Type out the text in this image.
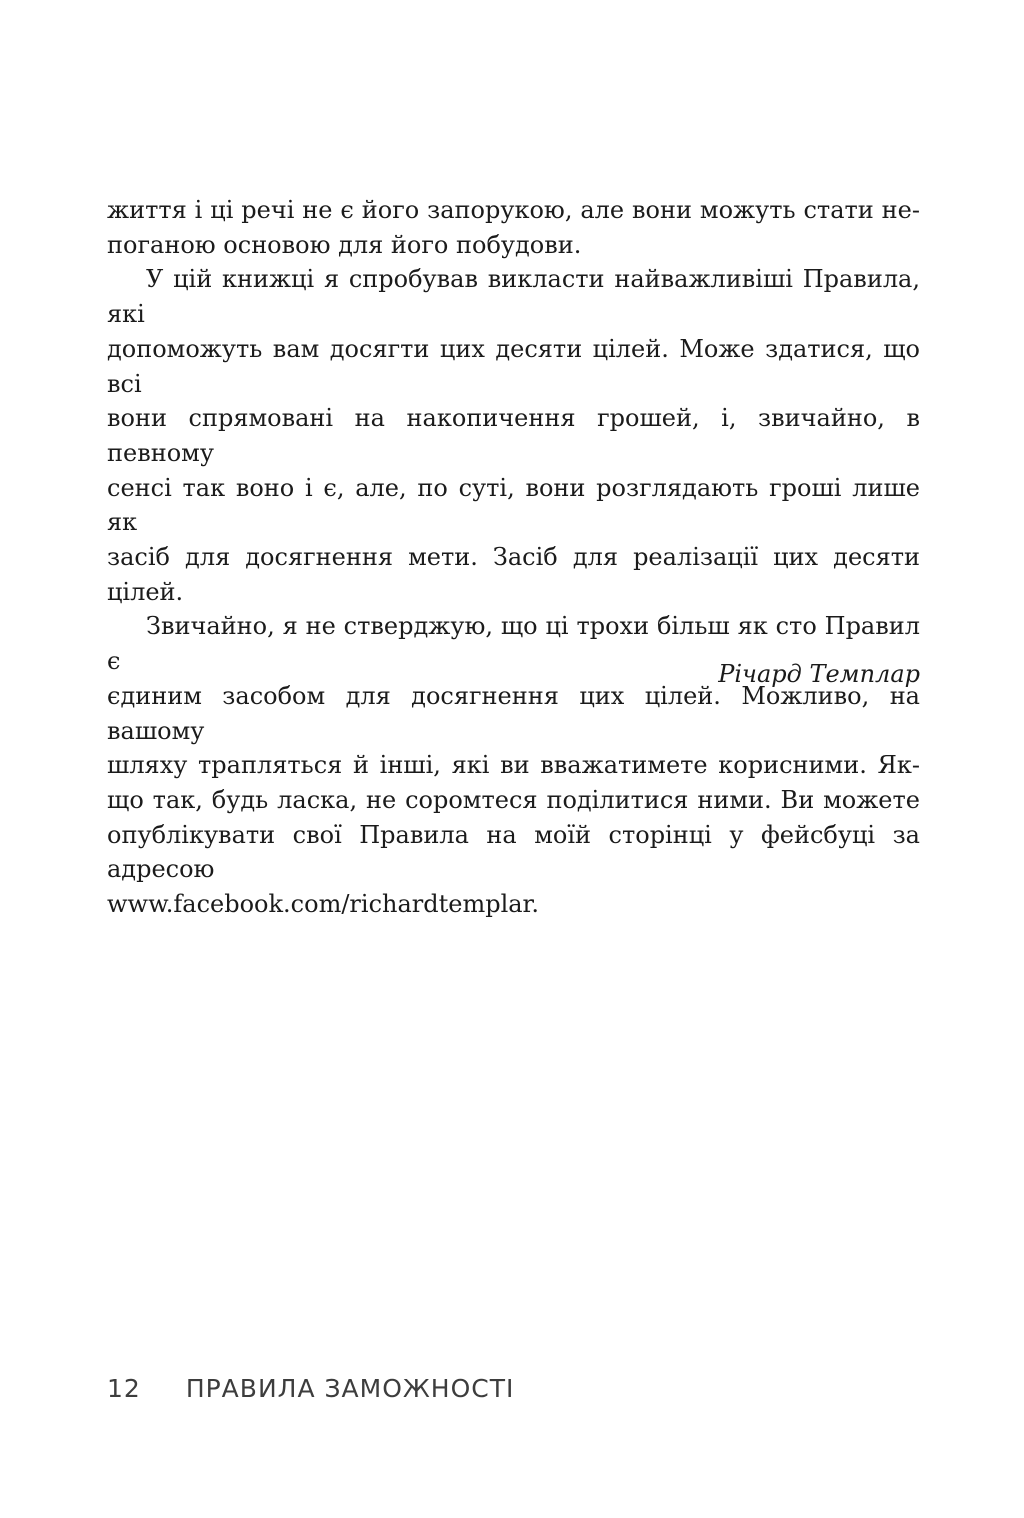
життя і ці речі не є його запорукою, але вони можуть стати не-
поганою основою для його побудови.

У цій книжці я спробував викласти найважливіші Правила, які
допоможуть вам досягти цих десяти цілей. Може здатися, що всі
вони спрямовані на накопичення грошей, і, звичайно, в певному
сенсі так воно і є, але, по суті, вони розглядають гроші лише як
засіб для досягнення мети. Засіб для реалізації цих десяти цілей.

Звичайно, я не стверджую, що ці трохи більш як сто Правил є
єдиним засобом для досягнення цих цілей. Можливо, на вашому
шляху трапляться й інші, які ви вважатимете корисними. Як-
що так, будь ласка, не соромтеся поділитися ними. Ви можете
опублікувати свої Правила на моїй сторінці у фейсбуці за адресою
www.facebook.com/richardtemplar.

Річард Темплар
12 ПРАВИЛА ЗАМОЖНОСТІ
